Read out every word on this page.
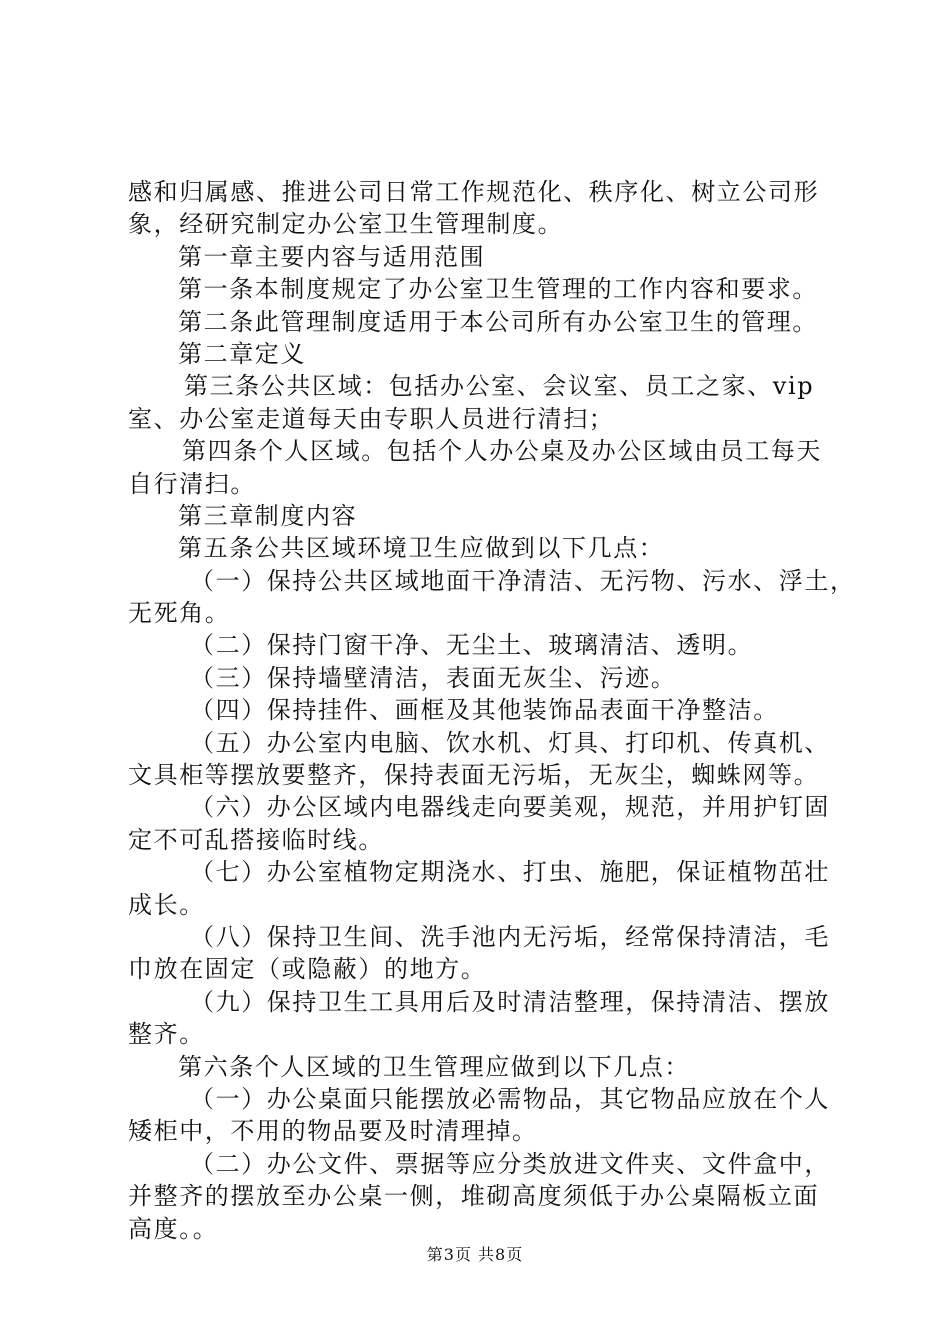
感和归属感、推进公司日常工作规范化、秩序化、树立公司形
象，经研究制定办公室卫生管理制度。
第一章主要内容与适用范围
第一条本制度规定了办公室卫生管理的工作内容和要求。
第二条此管理制度适用于本公司所有办公室卫生的管理。
第二章定义
第三条公共区域：包括办公室、会议室、员工之家、vip
室、办公室走道每天由专职人员进行清扫；
第四条个人区域。包括个人办公桌及办公区域由员工每天
自行清扫。
第三章制度内容
第五条公共区域环境卫生应做到以下几点：
（一）保持公共区域地面干净清洁、无污物、污水、浮土，
无死角。
（二）保持门窗干净、无尘土、玻璃清洁、透明。
（三）保持墙壁清洁，表面无灰尘、污迹。
（四）保持挂件、画框及其他装饰品表面干净整洁。
（五）办公室内电脑、饮水机、灯具、打印机、传真机、
文具柜等摆放要整齐，保持表面无污垢，无灰尘，蜘蛛网等。
（六）办公区域内电器线走向要美观，规范，并用护钉固
定不可乱搭接临时线。
（七）办公室植物定期浇水、打虫、施肥，保证植物茁壮
成长。
（八）保持卫生间、洗手池内无污垢，经常保持清洁，毛
巾放在固定（或隐蔽）的地方。
（九）保持卫生工具用后及时清洁整理，保持清洁、摆放
整齐。
第六条个人区域的卫生管理应做到以下几点：
（一）办公桌面只能摆放必需物品，其它物品应放在个人
矮柜中，不用的物品要及时清理掉。
（二）办公文件、票据等应分类放进文件夹、文件盒中，
并整齐的摆放至办公桌一侧，堆砌高度须低于办公桌隔板立面
高度。。
第3页 共8页
